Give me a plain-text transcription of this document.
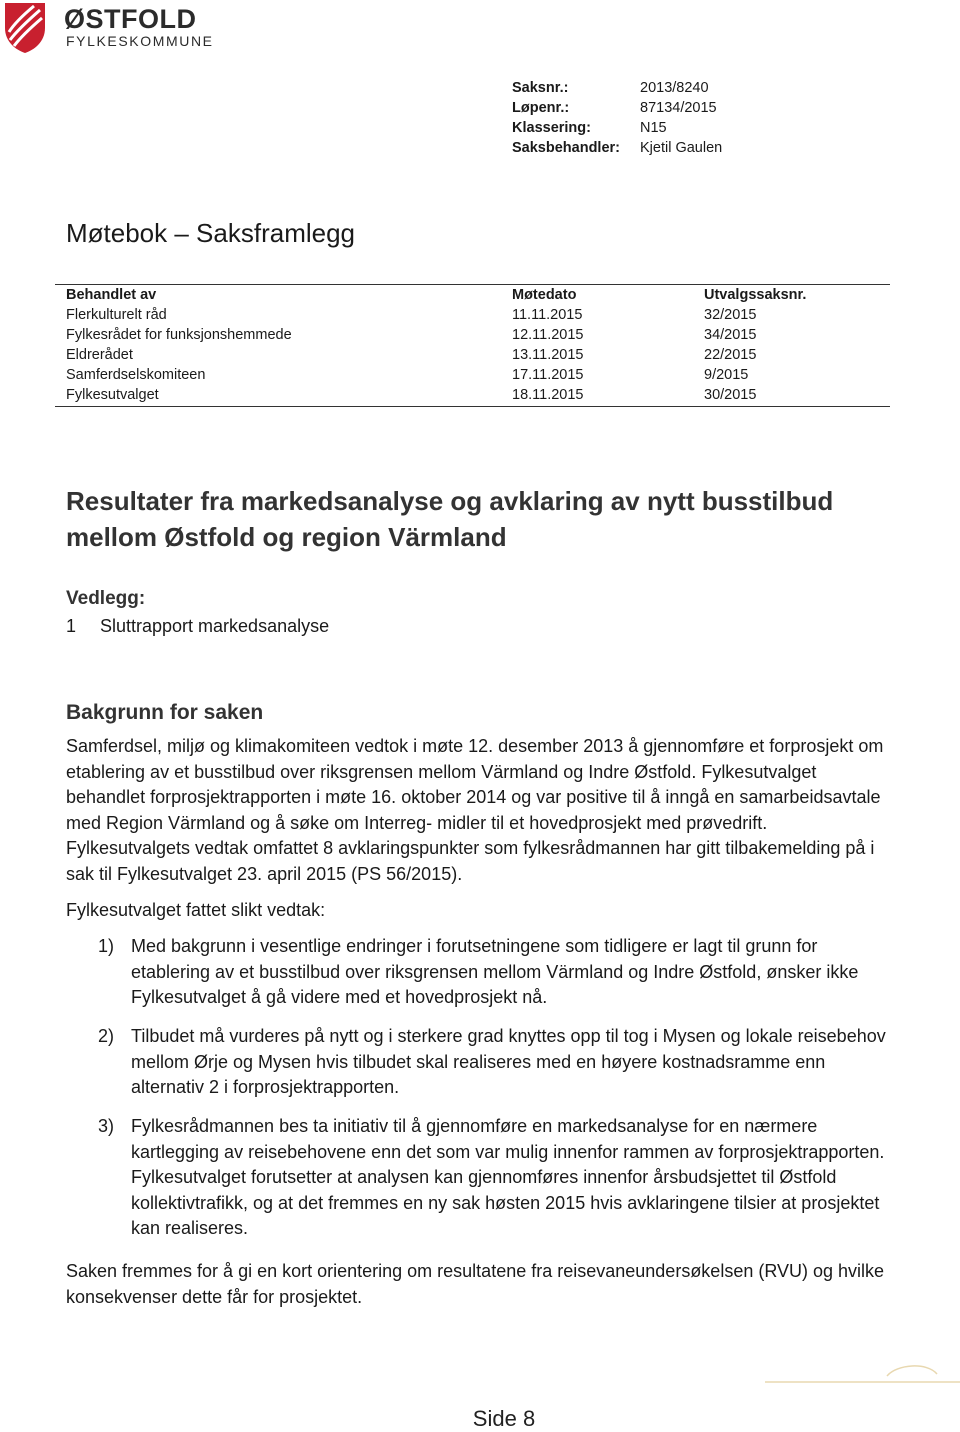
ØSTFOLD
FYLKESKOMMUNE
Saksnr.:	2013/8240
Løpenr.:	87134/2015
Klassering:	N15
Saksbehandler: Kjetil Gaulen
Møtebok – Saksframlegg
Behandlet av	Møtedato	Utvalgssaksnr.
Flerkulturelt råd	11.11.2015	32/2015
Fylkesrådet for funksjonshemmede	12.11.2015	34/2015
Eldrerådet	13.11.2015	22/2015
Samferdselskomiteen	17.11.2015	9/2015
Fylkesutvalget	18.11.2015	30/2015
Resultater fra markedsanalyse og avklaring av nytt busstilbud
mellom Østfold og region Värmland
Vedlegg:
1 Sluttrapport markedsanalyse
Bakgrunn for saken
Samferdsel, miljø og klimakomiteen vedtok i møte 12. desember 2013 å gjennomføre et forprosjekt om etablering av et busstilbud over riksgrensen mellom Värmland og Indre Østfold. Fylkesutvalget behandlet forprosjektrapporten i møte 16. oktober 2014 og var positive til å inngå en samarbeidsavtale med Region Värmland og å søke om Interreg- midler til et hovedprosjekt med prøvedrift. Fylkesutvalgets vedtak omfattet 8 avklaringspunkter som fylkesrådmannen har gitt tilbakemelding på i sak til Fylkesutvalget 23. april 2015 (PS 56/2015).
Fylkesutvalget fattet slikt vedtak:
1) Med bakgrunn i vesentlige endringer i forutsetningene som tidligere er lagt til grunn for etablering av et busstilbud over riksgrensen mellom Värmland og Indre Østfold, ønsker ikke Fylkesutvalget å gå videre med et hovedprosjekt nå.
2) Tilbudet må vurderes på nytt og i sterkere grad knyttes opp til tog i Mysen og lokale reisebehov mellom Ørje og Mysen hvis tilbudet skal realiseres med en høyere kostnadsramme enn alternativ 2 i forprosjektrapporten.
3) Fylkesrådmannen bes ta initiativ til å gjennomføre en markedsanalyse for en nærmere kartlegging av reisebehovene enn det som var mulig innenfor rammen av forprosjektrapporten. Fylkesutvalget forutsetter at analysen kan gjennomføres innenfor årsbudsjettet til Østfold kollektivtrafikk, og at det fremmes en ny sak høsten 2015 hvis avklaringene tilsier at prosjektet kan realiseres.
Saken fremmes for å gi en kort orientering om resultatene fra reisevaneundersøkelsen (RVU) og hvilke konsekvenser dette får for prosjektet.
Side 8
